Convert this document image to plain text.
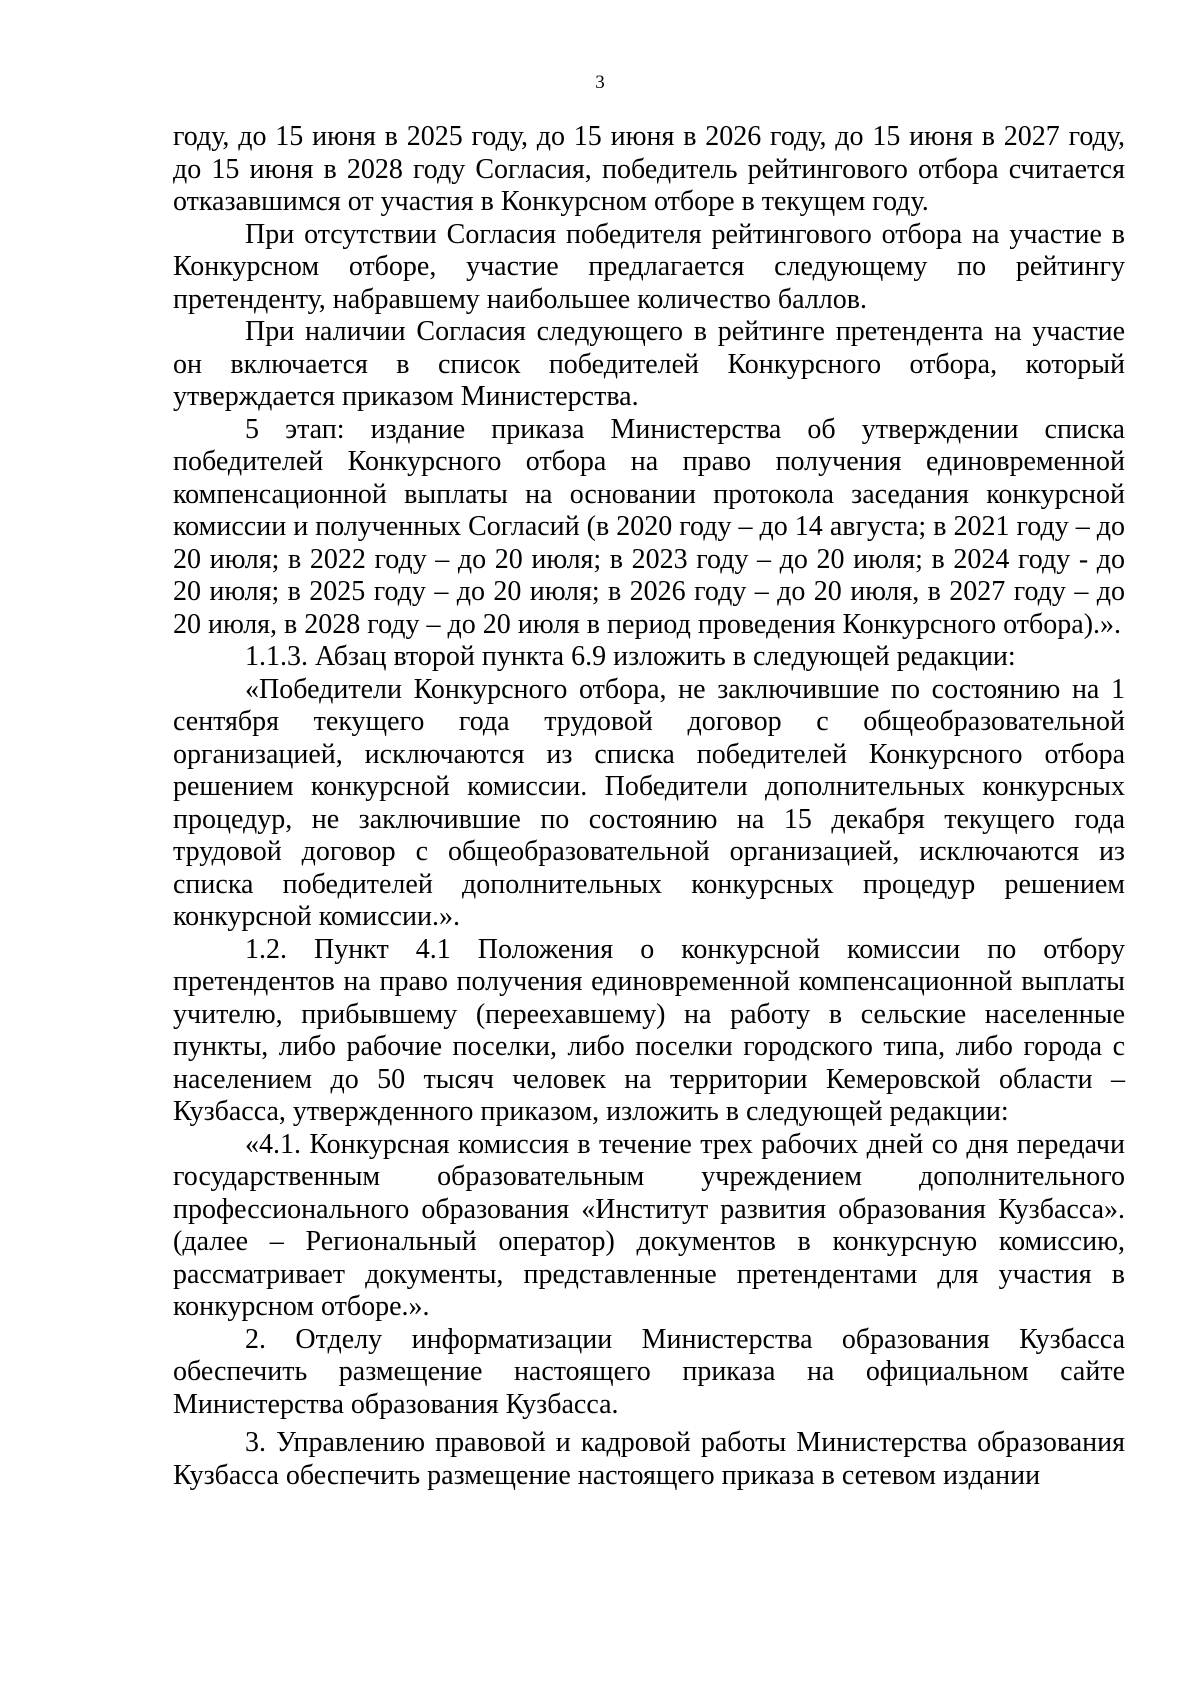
3

году, до 15 июня в 2025 году, до 15 июня в 2026 году, до 15 июня в 2027 году, до 15 июня в 2028 году Согласия, победитель рейтингового отбора считается отказавшимся от участия в Конкурсном отборе в текущем году.

При отсутствии Согласия победителя рейтингового отбора на участие в Конкурсном отборе, участие предлагается следующему по рейтингу претенденту, набравшему наибольшее количество баллов.

При наличии Согласия следующего в рейтинге претендента на участие он включается в список победителей Конкурсного отбора, который утверждается приказом Министерства.

5 этап: издание приказа Министерства об утверждении списка победителей Конкурсного отбора на право получения единовременной компенсационной выплаты на основании протокола заседания конкурсной комиссии и полученных Согласий (в 2020 году – до 14 августа; в 2021 году – до 20 июля; в 2022 году – до 20 июля; в 2023 году – до 20 июля; в 2024 году - до 20 июля; в 2025 году – до 20 июля; в 2026 году – до 20 июля, в 2027 году – до 20 июля, в 2028 году – до 20 июля в период проведения Конкурсного отбора).».

1.1.3. Абзац второй пункта 6.9 изложить в следующей редакции:

«Победители Конкурсного отбора, не заключившие по состоянию на 1 сентября текущего года трудовой договор с общеобразовательной организацией, исключаются из списка победителей Конкурсного отбора решением конкурсной комиссии. Победители дополнительных конкурсных процедур, не заключившие по состоянию на 15 декабря текущего года трудовой договор с общеобразовательной организацией, исключаются из списка победителей дополнительных конкурсных процедур решением конкурсной комиссии.».

1.2. Пункт 4.1 Положения о конкурсной комиссии по отбору претендентов на право получения единовременной компенсационной выплаты учителю, прибывшему (переехавшему) на работу в сельские населенные пункты, либо рабочие поселки, либо поселки городского типа, либо города с населением до 50 тысяч человек на территории Кемеровской области – Кузбасса, утвержденного приказом, изложить в следующей редакции:

«4.1. Конкурсная комиссия в течение трех рабочих дней со дня передачи государственным образовательным учреждением дополнительного профессионального образования «Институт развития образования Кузбасса». (далее – Региональный оператор) документов в конкурсную комиссию, рассматривает документы, представленные претендентами для участия в конкурсном отборе.».

2. Отделу информатизации Министерства образования Кузбасса обеспечить размещение настоящего приказа на официальном сайте Министерства образования Кузбасса.

3. Управлению правовой и кадровой работы Министерства образования Кузбасса обеспечить размещение настоящего приказа в сетевом издании
